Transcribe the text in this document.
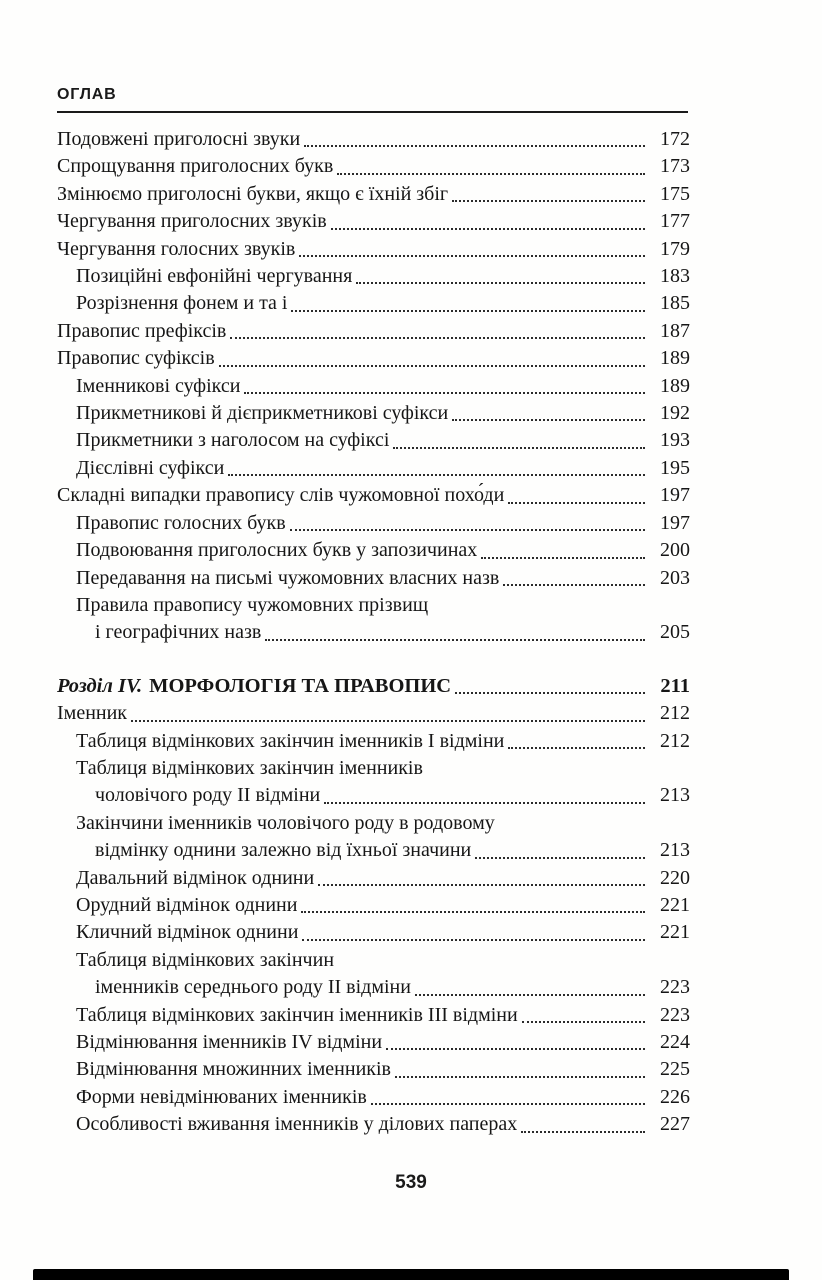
ОГЛАВ
Подовжені приголосні звуки	172
Спрощування приголосних букв	173
Змінюємо приголосні букви, якщо є їхній збіг	175
Чергування приголосних звуків	177
Чергування голосних звуків	179
Позиційні евфонійні чергування	183
Розрізнення фонем и та і	185
Правопис префіксів	187
Правопис суфіксів	189
Іменникові суфікси	189
Прикметникові й дієприкметникові суфікси	192
Прикметники з наголосом на суфіксі	193
Дієслівні суфікси	195
Складні випадки правопису слів чужомовної похо́ди	197
Правопис голосних букв	197
Подвоювання приголосних букв у запозичинах	200
Передавання на письмі чужомовних власних назв	203
Правила правопису чужомовних прізвищ
і географічних назв	205
Розділ IV. МОРФОЛОГІЯ ТА ПРАВОПИС	211
Іменник	212
Таблиця відмінкових закінчин іменників I відміни	212
Таблиця відмінкових закінчин іменників
чоловічого роду II відміни	213
Закінчини іменників чоловічого роду в родовому
відмінку однини залежно від їхньої значини	213
Давальний відмінок однини	220
Орудний відмінок однини	221
Кличний відмінок однини	221
Таблиця відмінкових закінчин
іменників середнього роду II відміни	223
Таблиця відмінкових закінчин іменників III відміни	223
Відмінювання іменників IV відміни	224
Відмінювання множинних іменників	225
Форми невідмінюваних іменників	226
Особливості вживання іменників у ділових паперах	227
539
